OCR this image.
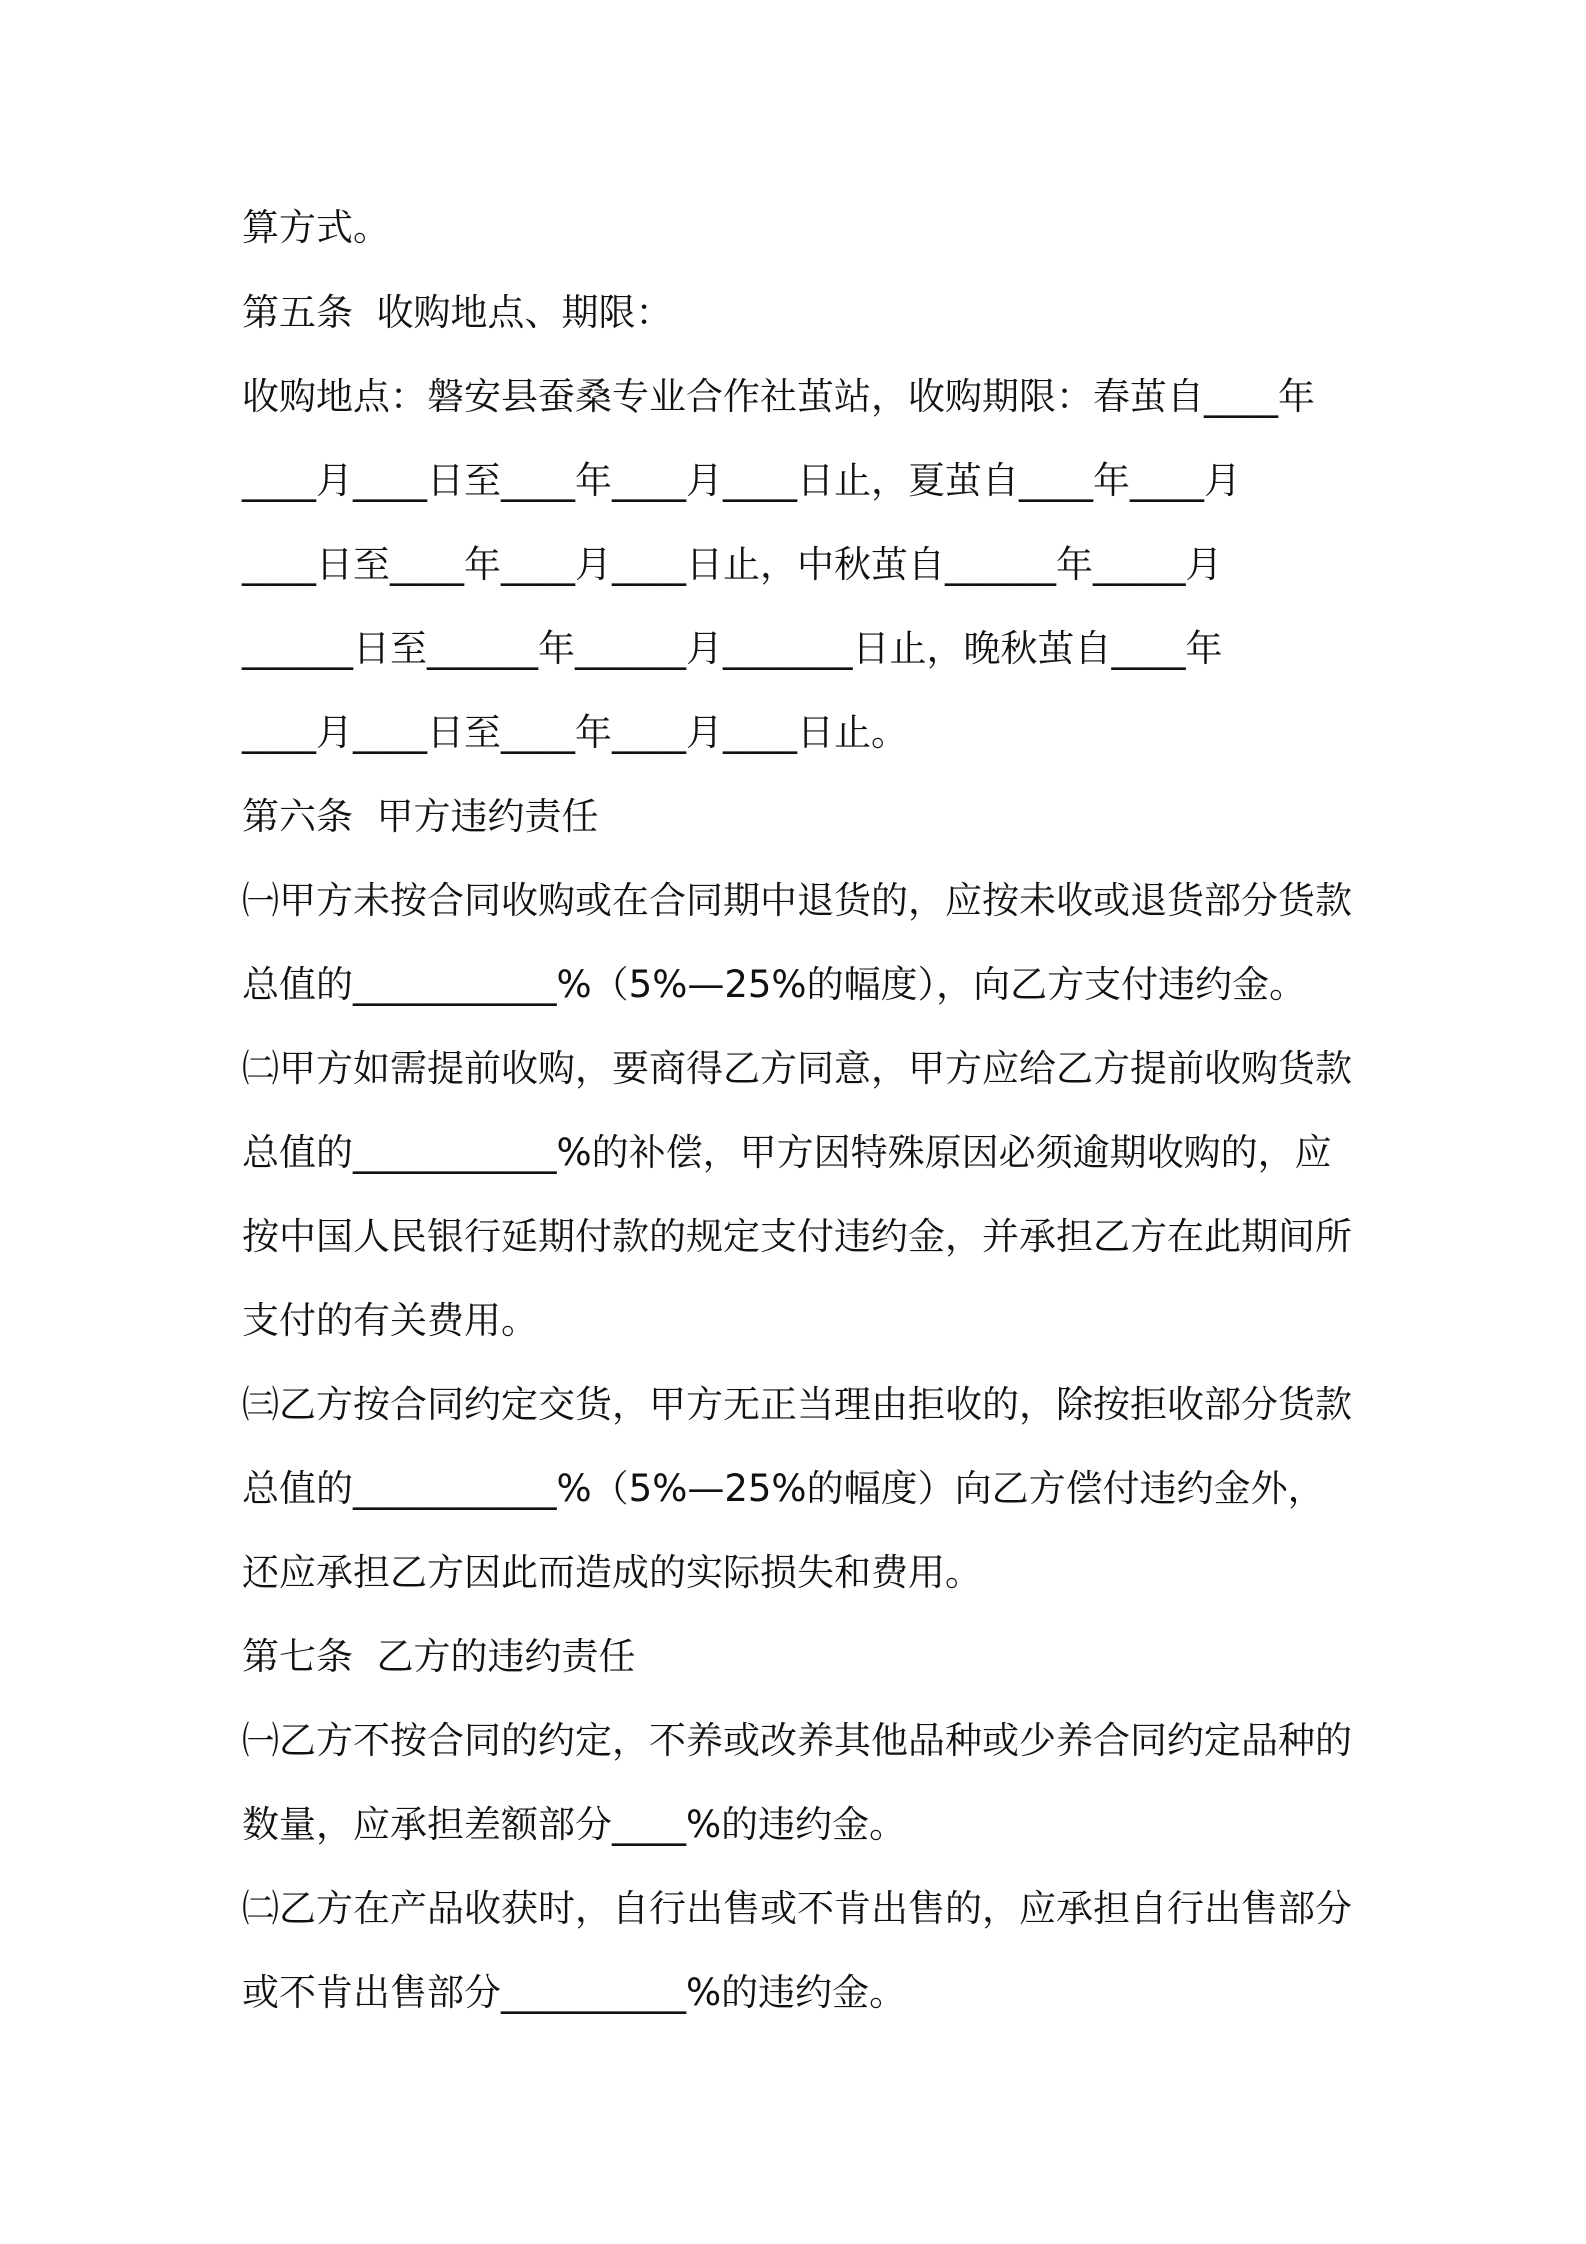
算方式。

第五条  收购地点、期限：

收购地点：磐安县蚕桑专业合作社茧站，收购期限：春茧自____年

____月____日至____年____月____日止，夏茧自____年____月

____日至____年____月____日止，中秋茧自______年_____月

______日至______年______月_______日止，晚秋茧自____年

____月____日至____年____月____日止。

第六条  甲方违约责任

㈠甲方未按合同收购或在合同期中退货的，应按未收或退货部分货款

总值的___________%（5%—25%的幅度），向乙方支付违约金。

㈡甲方如需提前收购，要商得乙方同意，甲方应给乙方提前收购货款

总值的___________%的补偿，甲方因特殊原因必须逾期收购的，应

按中国人民银行延期付款的规定支付违约金，并承担乙方在此期间所

支付的有关费用。

㈢乙方按合同约定交货，甲方无正当理由拒收的，除按拒收部分货款

总值的___________%（5%—25%的幅度）向乙方偿付违约金外，

还应承担乙方因此而造成的实际损失和费用。

第七条  乙方的违约责任

㈠乙方不按合同的约定，不养或改养其他品种或少养合同约定品种的

数量，应承担差额部分____%的违约金。

㈡乙方在产品收获时，自行出售或不肯出售的，应承担自行出售部分

或不肯出售部分__________%的违约金。
